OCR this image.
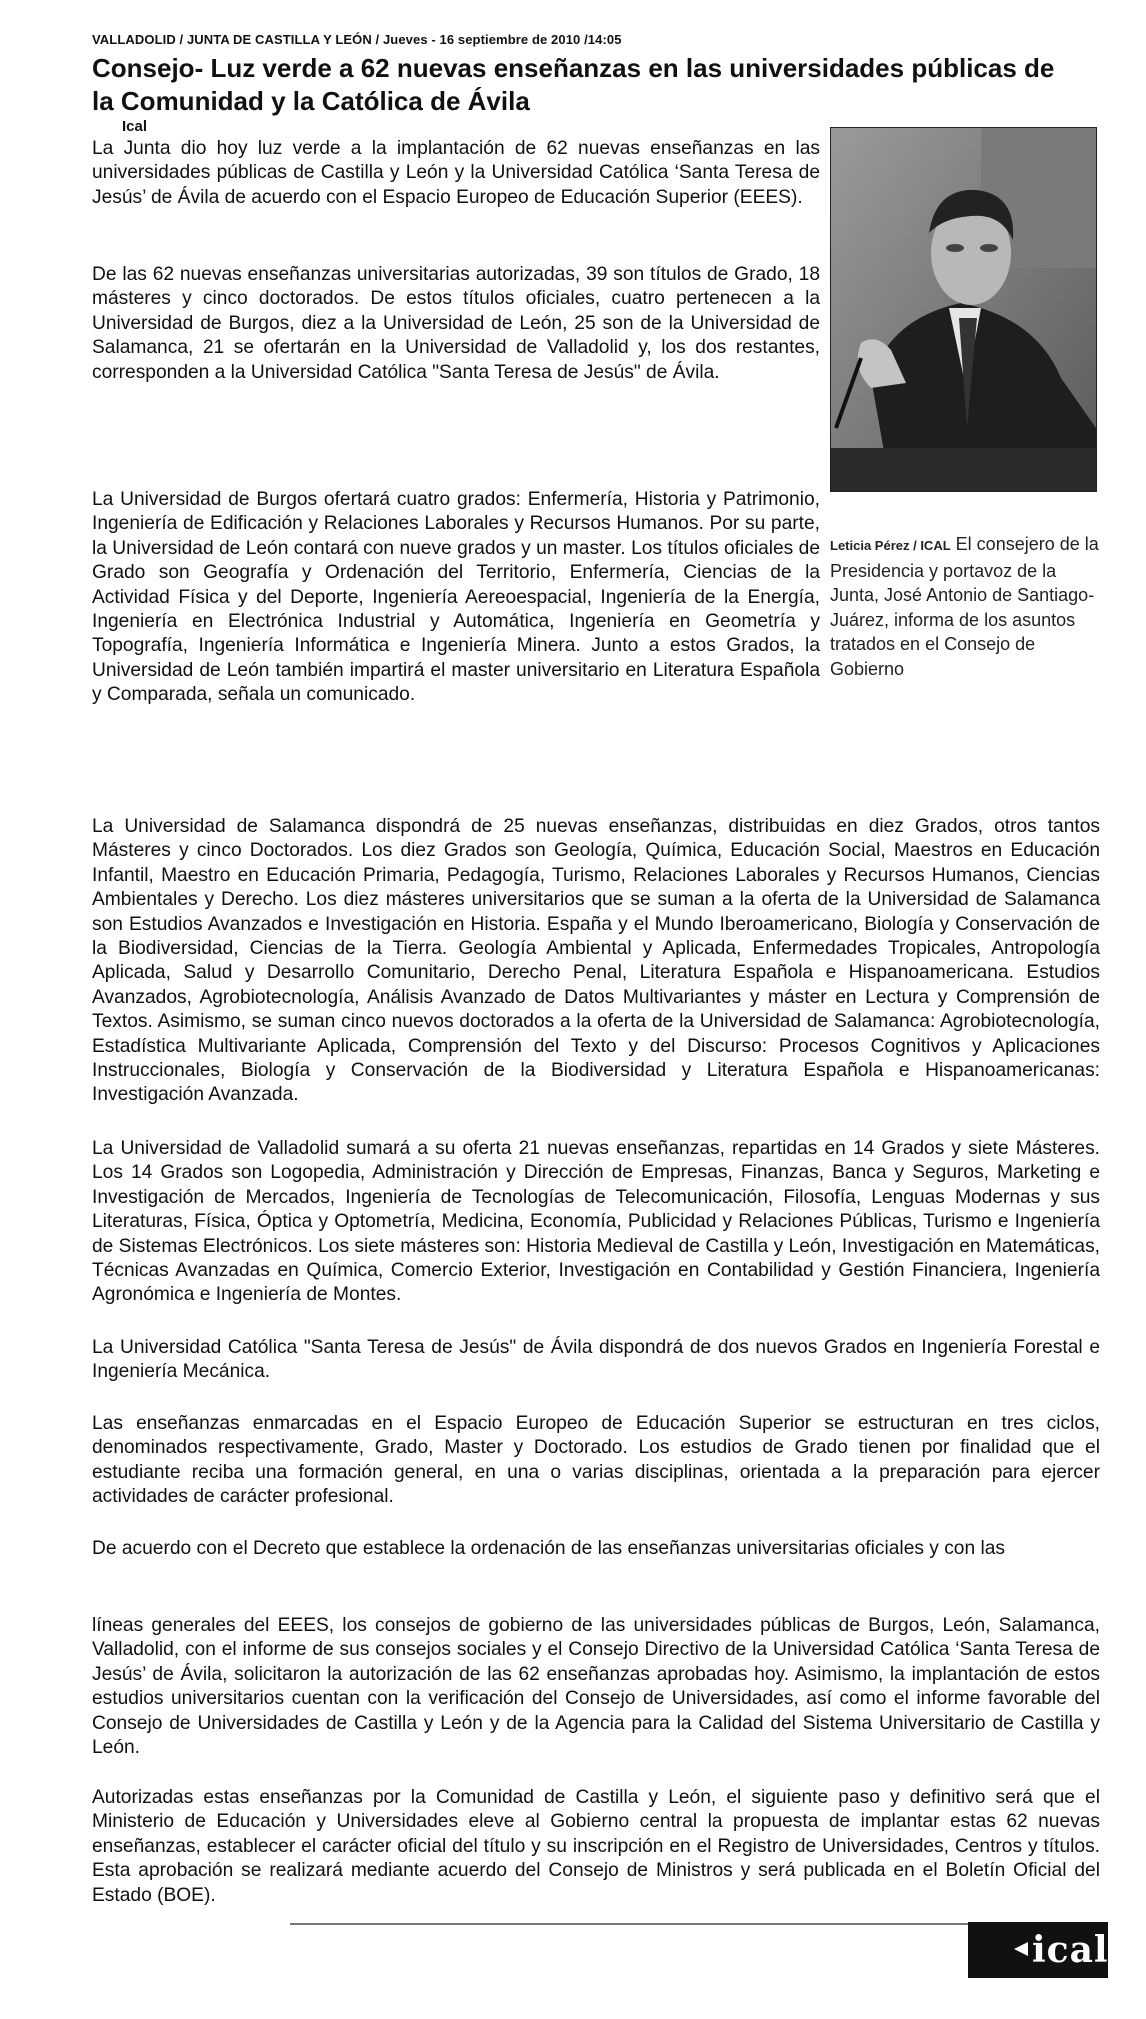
VALLADOLID / JUNTA DE CASTILLA Y LEÓN / Jueves - 16 septiembre de 2010 /14:05
Consejo- Luz verde a 62 nuevas enseñanzas en las universidades públicas de la Comunidad y la Católica de Ávila
Ical

La Junta dio hoy luz verde a la implantación de 62 nuevas enseñanzas en las universidades públicas de Castilla y León y la Universidad Católica ‘Santa Teresa de Jesús’ de Ávila de acuerdo con el Espacio Europeo de Educación Superior (EEES).

De las 62 nuevas enseñanzas universitarias autorizadas, 39 son títulos de Grado, 18 másteres y cinco doctorados. De estos títulos oficiales, cuatro pertenecen a la Universidad de Burgos, diez a la Universidad de León, 25 son de la Universidad de Salamanca, 21 se ofertarán en la Universidad de Valladolid y, los dos restantes, corresponden a la Universidad Católica "Santa Teresa de Jesús" de Ávila.

La Universidad de Burgos ofertará cuatro grados: Enfermería, Historia y Patrimonio, Ingeniería de Edificación y Relaciones Laborales y Recursos Humanos. Por su parte, la Universidad de León contará con nueve grados y un master. Los títulos oficiales de Grado son Geografía y Ordenación del Territorio, Enfermería, Ciencias de la Actividad Física y del Deporte, Ingeniería Aereoespacial, Ingeniería de la Energía, Ingeniería en Electrónica Industrial y Automática, Ingeniería en Geometría y Topografía, Ingeniería Informática e Ingeniería Minera. Junto a estos Grados, la Universidad de León también impartirá el master universitario en Literatura Española y Comparada, señala un comunicado.

Leticia Pérez / ICAL El consejero de la Presidencia y portavoz de la Junta, José Antonio de Santiago-Juárez, informa de los asuntos tratados en el Consejo de Gobierno

La Universidad de Salamanca dispondrá de 25 nuevas enseñanzas, distribuidas en diez Grados, otros tantos Másteres y cinco Doctorados. Los diez Grados son Geología, Química, Educación Social, Maestros en Educación Infantil, Maestro en Educación Primaria, Pedagogía, Turismo, Relaciones Laborales y Recursos Humanos, Ciencias Ambientales y Derecho. Los diez másteres universitarios que se suman a la oferta de la Universidad de Salamanca son Estudios Avanzados e Investigación en Historia. España y el Mundo Iberoamericano, Biología y Conservación de la Biodiversidad, Ciencias de la Tierra. Geología Ambiental y Aplicada, Enfermedades Tropicales, Antropología Aplicada, Salud y Desarrollo Comunitario, Derecho Penal, Literatura Española e Hispanoamericana. Estudios Avanzados, Agrobiotecnología, Análisis Avanzado de Datos Multivariantes y máster en Lectura y Comprensión de Textos. Asimismo, se suman cinco nuevos doctorados a la oferta de la Universidad de Salamanca: Agrobiotecnología, Estadística Multivariante Aplicada, Comprensión del Texto y del Discurso: Procesos Cognitivos y Aplicaciones Instruccionales, Biología y Conservación de la Biodiversidad y Literatura Española e Hispanoamericanas: Investigación Avanzada.

La Universidad de Valladolid sumará a su oferta 21 nuevas enseñanzas, repartidas en 14 Grados y siete Másteres. Los 14 Grados son Logopedia, Administración y Dirección de Empresas, Finanzas, Banca y Seguros, Marketing e Investigación de Mercados, Ingeniería de Tecnologías de Telecomunicación, Filosofía, Lenguas Modernas y sus Literaturas, Física, Óptica y Optometría, Medicina, Economía, Publicidad y Relaciones Públicas, Turismo e Ingeniería de Sistemas Electrónicos. Los siete másteres son: Historia Medieval de Castilla y León, Investigación en Matemáticas, Técnicas Avanzadas en Química, Comercio Exterior, Investigación en Contabilidad y Gestión Financiera, Ingeniería Agronómica e Ingeniería de Montes.

La Universidad Católica "Santa Teresa de Jesús" de Ávila dispondrá de dos nuevos Grados en Ingeniería Forestal e Ingeniería Mecánica.

Las enseñanzas enmarcadas en el Espacio Europeo de Educación Superior se estructuran en tres ciclos, denominados respectivamente, Grado, Master y Doctorado. Los estudios de Grado tienen por finalidad que el estudiante reciba una formación general, en una o varias disciplinas, orientada a la preparación para ejercer actividades de carácter profesional.

De acuerdo con el Decreto que establece la ordenación de las enseñanzas universitarias oficiales y con las

líneas generales del EEES, los consejos de gobierno de las universidades públicas de Burgos, León, Salamanca, Valladolid, con el informe de sus consejos sociales y el Consejo Directivo de la Universidad Católica ‘Santa Teresa de Jesús’ de Ávila, solicitaron la autorización de las 62 enseñanzas aprobadas hoy. Asimismo, la implantación de estos estudios universitarios cuentan con la verificación del Consejo de Universidades, así como el informe favorable del Consejo de Universidades de Castilla y León y de la Agencia para la Calidad del Sistema Universitario de Castilla y León.

Autorizadas estas enseñanzas por la Comunidad de Castilla y León, el siguiente paso y definitivo será que el Ministerio de Educación y Universidades eleve al Gobierno central la propuesta de implantar estas 62 nuevas enseñanzas, establecer el carácter oficial del título y su inscripción en el Registro de Universidades, Centros y títulos. Esta aprobación se realizará mediante acuerdo del Consejo de Ministros y será publicada en el Boletín Oficial del Estado (BOE).

ical
